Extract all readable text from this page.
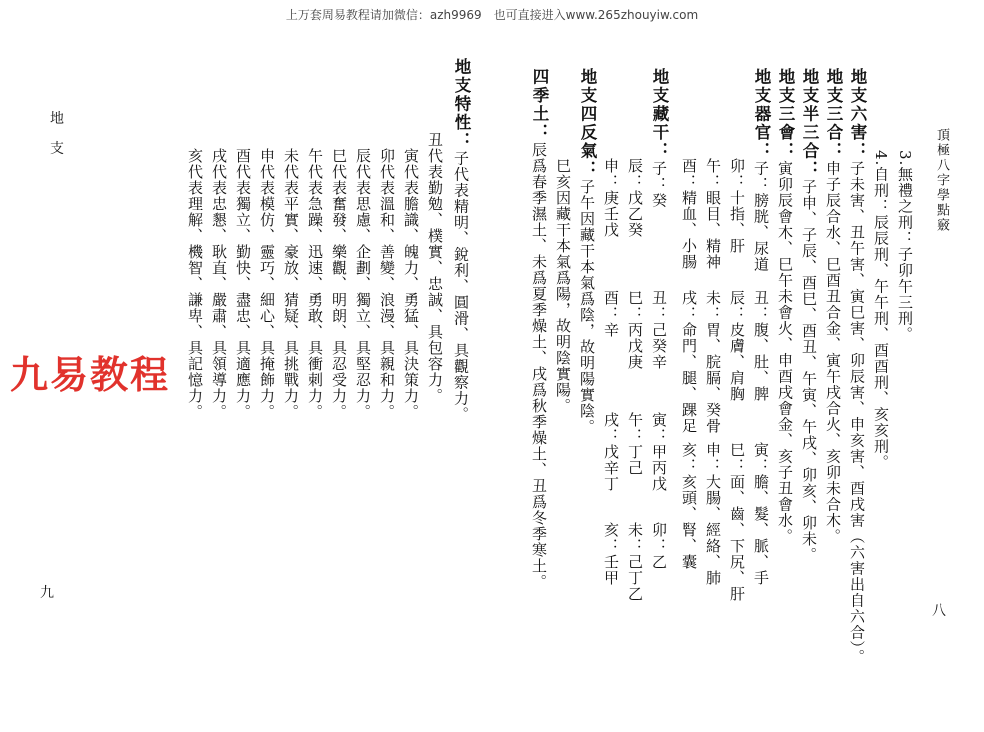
上万套周易教程请加微信：azh9969　也可直接进入www.265zhouyiw.com
頂極八字學點竅
八
3.無禮之刑：子卯午三刑。
4.自刑：辰辰刑、午午刑、酉酉刑、亥亥刑。
地支六害：子未害、丑午害、寅巳害、卯辰害、申亥害、酉戌害（六害出自六合）。
地支三合：申子辰合水、巳酉丑合金、寅午戌合火、亥卯未合木。
地支半三合：子申、子辰、酉巳、酉丑、午寅、午戌、卯亥、卯未。
地支三會：寅卯辰會木、巳午未會火、申酉戌會金、亥子丑會水。
地支器官：子：膀胱、尿道
丑：腹、肚、脾
寅：膽、髮、脈、手
卯：十指、肝
辰：皮膚、肩胸
巳：面、齒、下尻、肝
午：眼目、精神
未：胃、脘膈、癸骨
申：大腸、經絡、肺
酉：精血、小腸
戌：命門、腿、踝足
亥：亥頭、腎、囊
地支藏干：子：癸
丑：己癸辛
寅：甲丙戊
卯：乙
辰：戊乙癸
巳：丙戊庚
午：丁己
未：己丁乙
申：庚壬戊
酉：辛
戌：戊辛丁
亥：壬甲
地支四反氣：子午因藏干本氣爲陰，故明陽實陰。
巳亥因藏干本氣爲陽，故明陰實陽。
四季土：辰爲春季濕土、未爲夏季燥土、戌爲秋季燥土、丑爲冬季寒土。
地支特性：子代表精明、銳利、圓滑、具觀察力。
丑代表勤勉、樸實、忠誠、具包容力。
寅代表膽識、魄力、勇猛、具決策力。
卯代表溫和、善變、浪漫、具親和力。
辰代表思慮、企劃、獨立、具堅忍力。
巳代表奮發、樂觀、明朗、具忍受力。
午代表急躁、迅速、勇敢、具衝刺力。
未代表平實、豪放、猜疑、具挑戰力。
申代表模仿、靈巧、細心、具掩飾力。
酉代表獨立、勤快、盡忠、具適應力。
戌代表忠懇、耿直、嚴肅、具領導力。
亥代表理解、機智、謙卑、具記憶力。
地
支
九
九易教程
